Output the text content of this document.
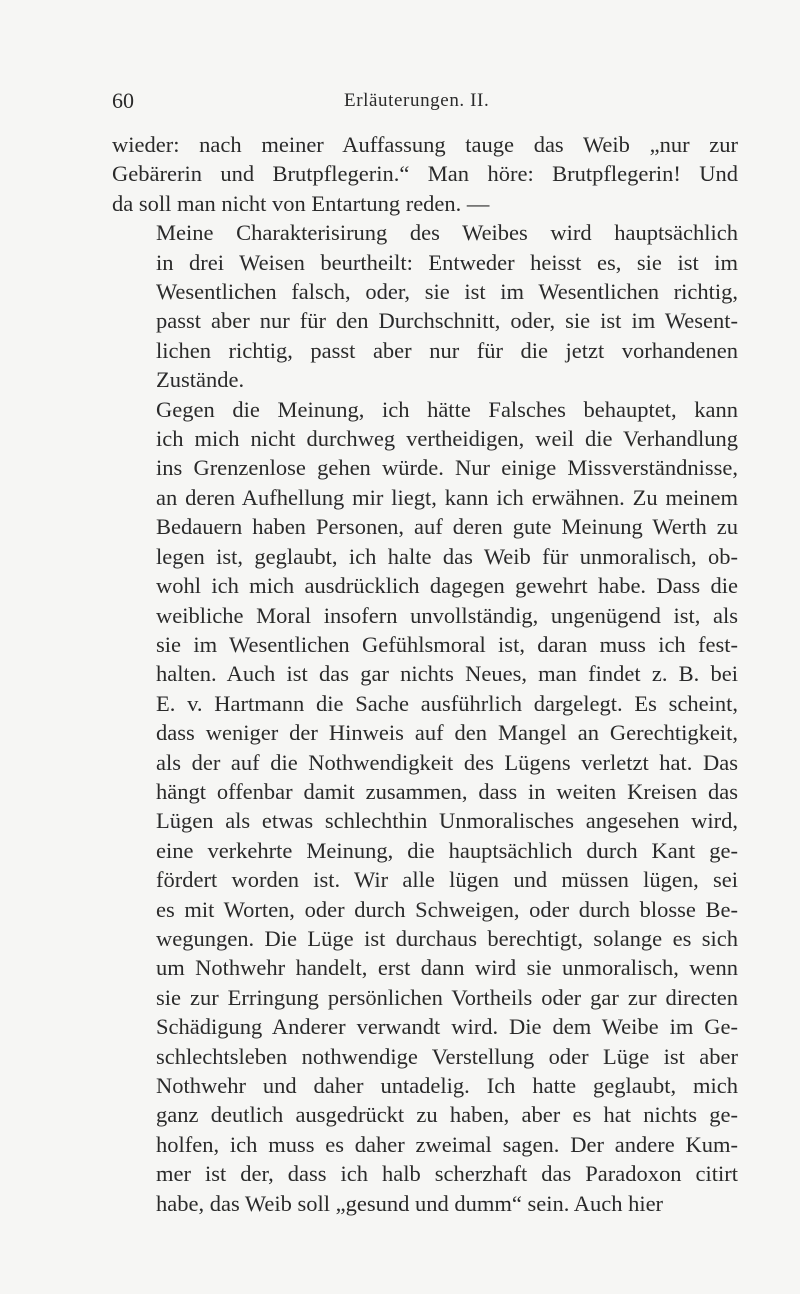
60	Erläuterungen. II.

wieder: nach meiner Auffassung tauge das Weib „nur zur
Gebärerin und Brutpflegerin.“ Man höre: Brutpflegerin! Und
da soll man nicht von Entartung reden. —

Meine Charakterisirung des Weibes wird hauptsächlich
in drei Weisen beurtheilt: Entweder heisst es, sie ist im
Wesentlichen falsch, oder, sie ist im Wesentlichen richtig,
passt aber nur für den Durchschnitt, oder, sie ist im Wesent-
lichen richtig, passt aber nur für die jetzt vorhandenen
Zustände.

Gegen die Meinung, ich hätte Falsches behauptet, kann
ich mich nicht durchweg vertheidigen, weil die Verhandlung
ins Grenzenlose gehen würde. Nur einige Missverständnisse,
an deren Aufhellung mir liegt, kann ich erwähnen. Zu meinem
Bedauern haben Personen, auf deren gute Meinung Werth zu
legen ist, geglaubt, ich halte das Weib für unmoralisch, ob-
wohl ich mich ausdrücklich dagegen gewehrt habe. Dass die
weibliche Moral insofern unvollständig, ungenügend ist, als
sie im Wesentlichen Gefühlsmoral ist, daran muss ich fest-
halten. Auch ist das gar nichts Neues, man findet z. B. bei
E. v. Hartmann die Sache ausführlich dargelegt. Es scheint,
dass weniger der Hinweis auf den Mangel an Gerechtigkeit,
als der auf die Nothwendigkeit des Lügens verletzt hat. Das
hängt offenbar damit zusammen, dass in weiten Kreisen das
Lügen als etwas schlechthin Unmoralisches angesehen wird,
eine verkehrte Meinung, die hauptsächlich durch Kant ge-
fördert worden ist. Wir alle lügen und müssen lügen, sei
es mit Worten, oder durch Schweigen, oder durch blosse Be-
wegungen. Die Lüge ist durchaus berechtigt, solange es sich
um Nothwehr handelt, erst dann wird sie unmoralisch, wenn
sie zur Erringung persönlichen Vortheils oder gar zur directen
Schädigung Anderer verwandt wird. Die dem Weibe im Ge-
schlechtsleben nothwendige Verstellung oder Lüge ist aber
Nothwehr und daher untadelig. Ich hatte geglaubt, mich
ganz deutlich ausgedrückt zu haben, aber es hat nichts ge-
holfen, ich muss es daher zweimal sagen. Der andere Kum-
mer ist der, dass ich halb scherzhaft das Paradoxon citirt
habe, das Weib soll „gesund und dumm“ sein. Auch hier
